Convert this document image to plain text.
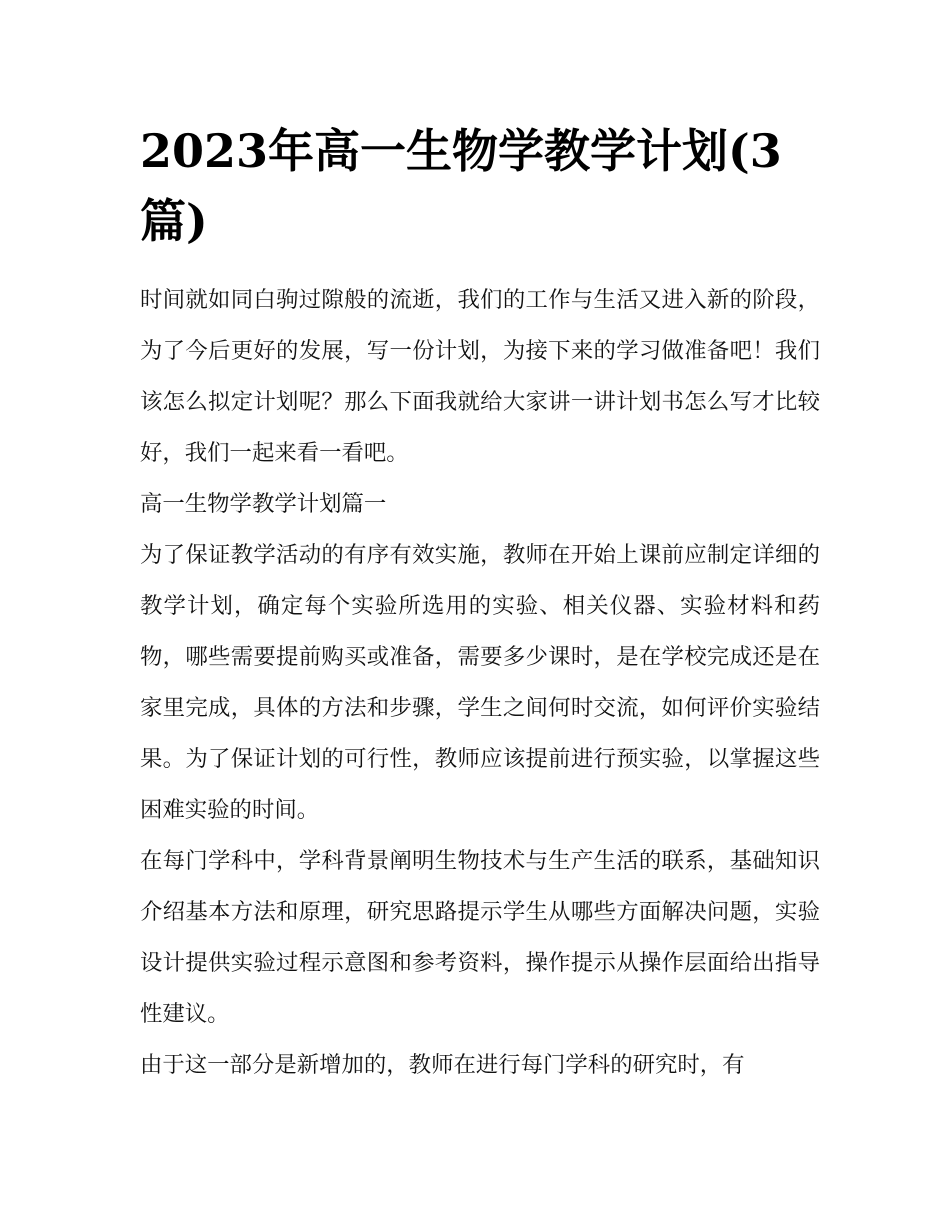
2023年高一生物学教学计划(3篇)

时间就如同白驹过隙般的流逝，我们的工作与生活又进入新的阶段，为了今后更好的发展，写一份计划，为接下来的学习做准备吧！我们该怎么拟定计划呢？那么下面我就给大家讲一讲计划书怎么写才比较好，我们一起来看一看吧。

高一生物学教学计划篇一

为了保证教学活动的有序有效实施，教师在开始上课前应制定详细的教学计划，确定每个实验所选用的实验、相关仪器、实验材料和药物，哪些需要提前购买或准备，需要多少课时，是在学校完成还是在家里完成，具体的方法和步骤，学生之间何时交流，如何评价实验结果。为了保证计划的可行性，教师应该提前进行预实验，以掌握这些困难实验的时间。

在每门学科中，学科背景阐明生物技术与生产生活的联系，基础知识介绍基本方法和原理，研究思路提示学生从哪些方面解决问题，实验设计提供实验过程示意图和参考资料，操作提示从操作层面给出指导性建议。

由于这一部分是新增加的，教师在进行每门学科的研究时，有
